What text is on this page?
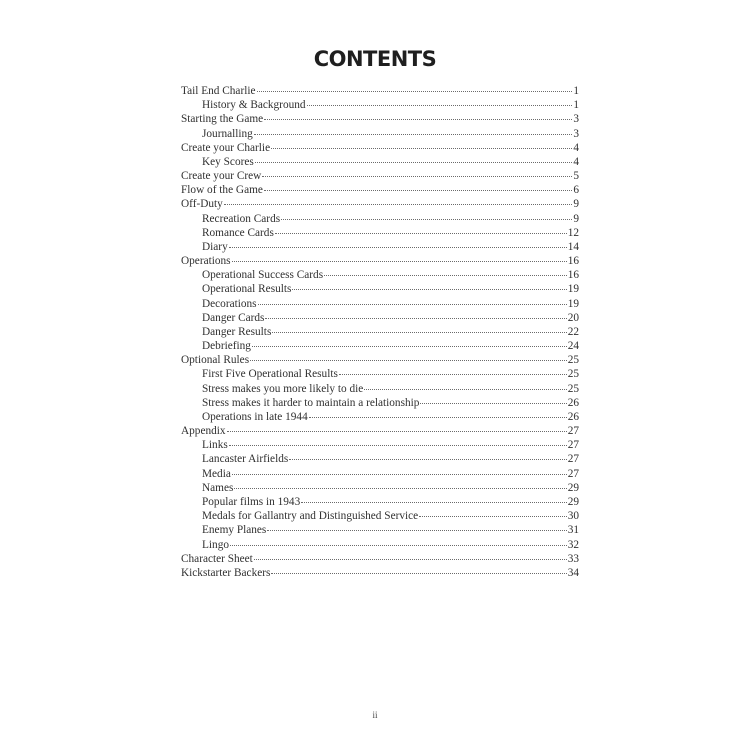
CONTENTS
Tail End Charlie	1
History & Background	1
Starting the Game	3
Journalling	3
Create your Charlie	4
Key Scores	4
Create your Crew	5
Flow of the Game	6
Off-Duty	9
Recreation Cards	9
Romance Cards	12
Diary	14
Operations	16
Operational Success Cards	16
Operational Results	19
Decorations	19
Danger Cards	20
Danger Results	22
Debriefing	24
Optional Rules	25
First Five Operational Results	25
Stress makes you more likely to die	25
Stress makes it harder to maintain a relationship	26
Operations in late 1944	26
Appendix	27
Links	27
Lancaster Airfields	27
Media	27
Names	29
Popular films in 1943	29
Medals for Gallantry and Distinguished Service	30
Enemy Planes	31
Lingo	32
Character Sheet	33
Kickstarter Backers	34
ii
